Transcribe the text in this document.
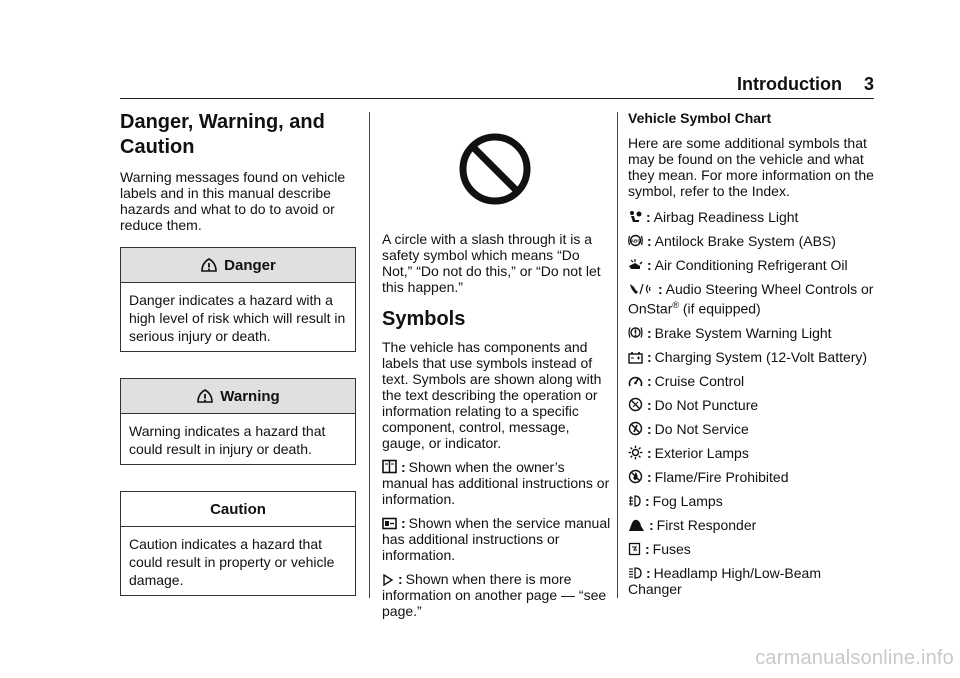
Introduction 3
Danger, Warning, and Caution

Warning messages found on vehicle labels and in this manual describe hazards and what to do to avoid or reduce them.

Danger

Danger indicates a hazard with a high level of risk which will result in serious injury or death.

Warning

Warning indicates a hazard that could result in injury or death.

Caution

Caution indicates a hazard that could result in property or vehicle damage.

A circle with a slash through it is a safety symbol which means “Do Not,” “Do not do this,” or “Do not let this happen.”

Symbols

The vehicle has components and labels that use symbols instead of text. Symbols are shown along with the text describing the operation or information relating to a specific component, control, message, gauge, or indicator.

: Shown when the owner’s manual has additional instructions or information.

: Shown when the service manual has additional instructions or information.

: Shown when there is more information on another page — “see page.”

Vehicle Symbol Chart

Here are some additional symbols that may be found on the vehicle and what they mean. For more information on the symbol, refer to the Index.

: Airbag Readiness Light

ABS : Antilock Brake System (ABS)

: Air Conditioning Refrigerant Oil

: Audio Steering Wheel Controls or OnStar® (if equipped)

: Brake System Warning Light

: Charging System (12-Volt Battery)

: Cruise Control

: Do Not Puncture

: Do Not Service

: Exterior Lamps

: Flame/Fire Prohibited

: Fog Lamps

: First Responder

: Fuses

: Headlamp High/Low-Beam Changer

carmanualsonline.info
